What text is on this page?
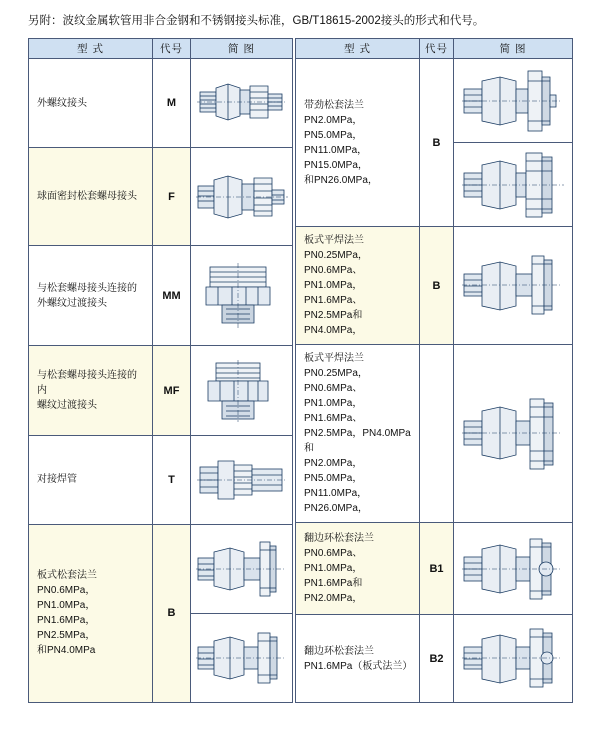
另附：波纹金属软管用非合金钢和不锈钢接头标准，GB/T18615-2002接头的形式和代号。
型 式	代号	简 图

外螺纹接头	M	

球面密封松套螺母接头	F	

与松套螺母接头连接的
外螺纹过渡接头	MM	

与松套螺母接头连接的内
螺纹过渡接头	MF	

对接焊管	T	

板式松套法兰
PN0.6MPa，PN1.0MPa，
PN1.6MPa，PN2.5MPa，
和PN4.0MPa	B	

型 式	代号	简 图

带劲松套法兰
PN2.0MPa，PN5.0MPa，
PN11.0MPa，PN15.0MPa，
和PN26.0MPa，	B	

板式平焊法兰
PN0.25MPa，PN0.6MPa、
PN1.0MPa，PN1.6MPa、
PN2.5MPa和PN4.0MPa，	B	

板式平焊法兰
PN0.25MPa，PN0.6MPa、
PN1.0MPa，PN1.6MPa、
PN2.5MPa，PN4.0MPa 和
PN2.0MPa，PN5.0MPa，
PN11.0MPa，PN26.0MPa，

翻边环松套法兰
PN0.6MPa、PN1.0MPa，
PN1.6MPa和PN2.0MPa，	B1	

翻边环松套法兰
PN1.6MPa（板式法兰）	B2	
